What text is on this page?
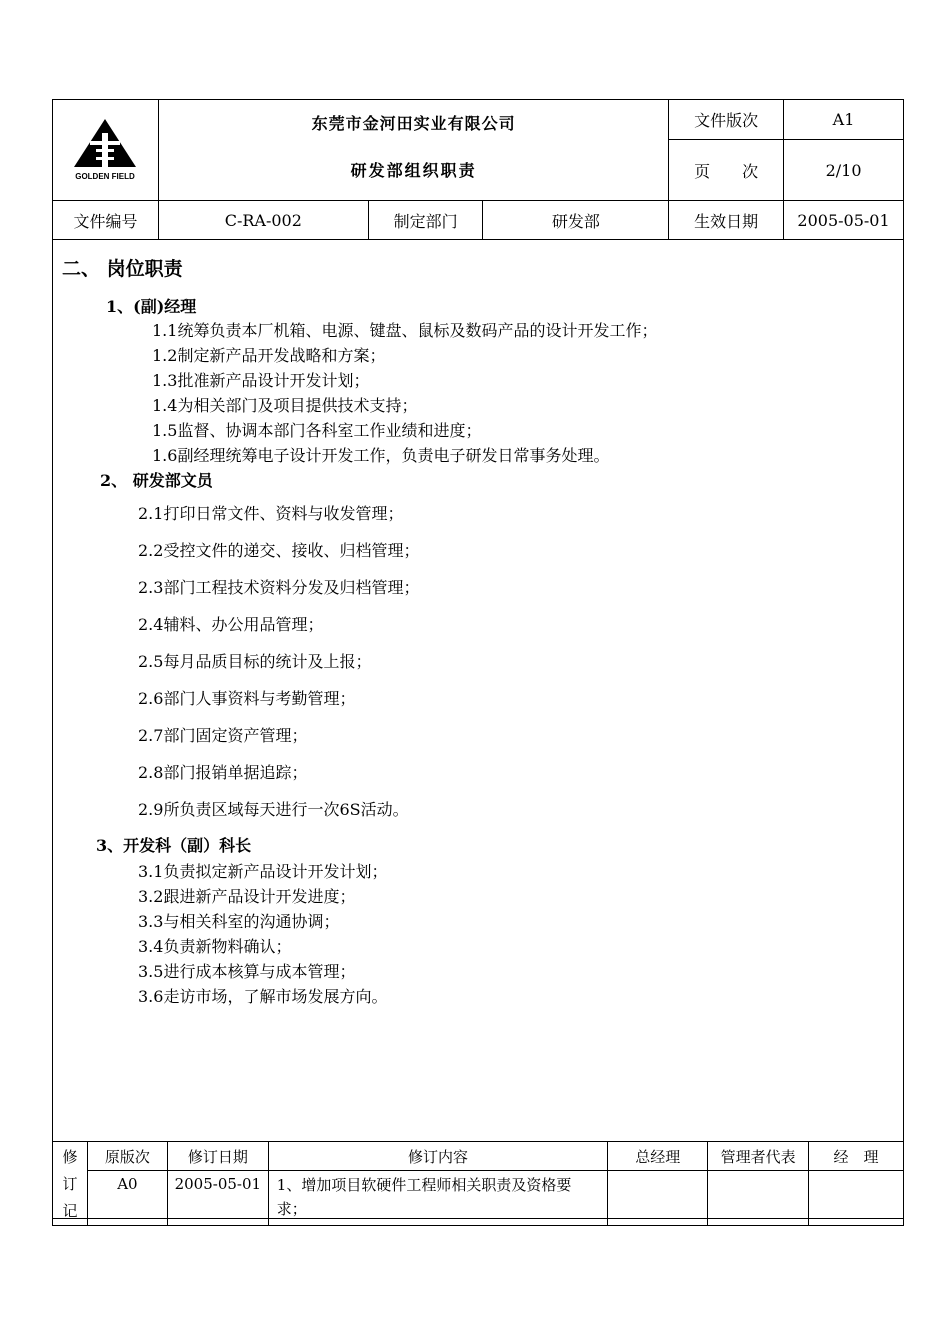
GOLDEN FIELD	东莞市金河田实业有限公司			文件版次	A1
	研发部组织职责			页　　次	2/10
文件编号	C-RA-002	制定部门	研发部	生效日期	2005-05-01
二、 岗位职责
1、(副)经理
1.1统筹负责本厂机箱、电源、键盘、鼠标及数码产品的设计开发工作；
1.2制定新产品开发战略和方案；
1.3批准新产品设计开发计划；
1.4为相关部门及项目提供技术支持；
1.5监督、协调本部门各科室工作业绩和进度；
1.6副经理统筹电子设计开发工作，负责电子研发日常事务处理。
2、 研发部文员
2.1打印日常文件、资料与收发管理；
2.2受控文件的递交、接收、归档管理；
2.3部门工程技术资料分发及归档管理；
2.4辅料、办公用品管理；
2.5每月品质目标的统计及上报；
2.6部门人事资料与考勤管理；
2.7部门固定资产管理；
2.8部门报销单据追踪；
2.9所负责区域每天进行一次6S活动。
3、开发科（副）科长
3.1负责拟定新产品设计开发计划；
3.2跟进新产品设计开发进度；
3.3与相关科室的沟通协调；
3.4负责新物料确认；
3.5进行成本核算与成本管理；
3.6走访市场，了解市场发展方向。
修
订
记	原版次	修订日期	修订内容	总经理	管理者代表	经　理
	A0	2005-05-01	1、增加项目软硬件工程师相关职责及资格要求；			
